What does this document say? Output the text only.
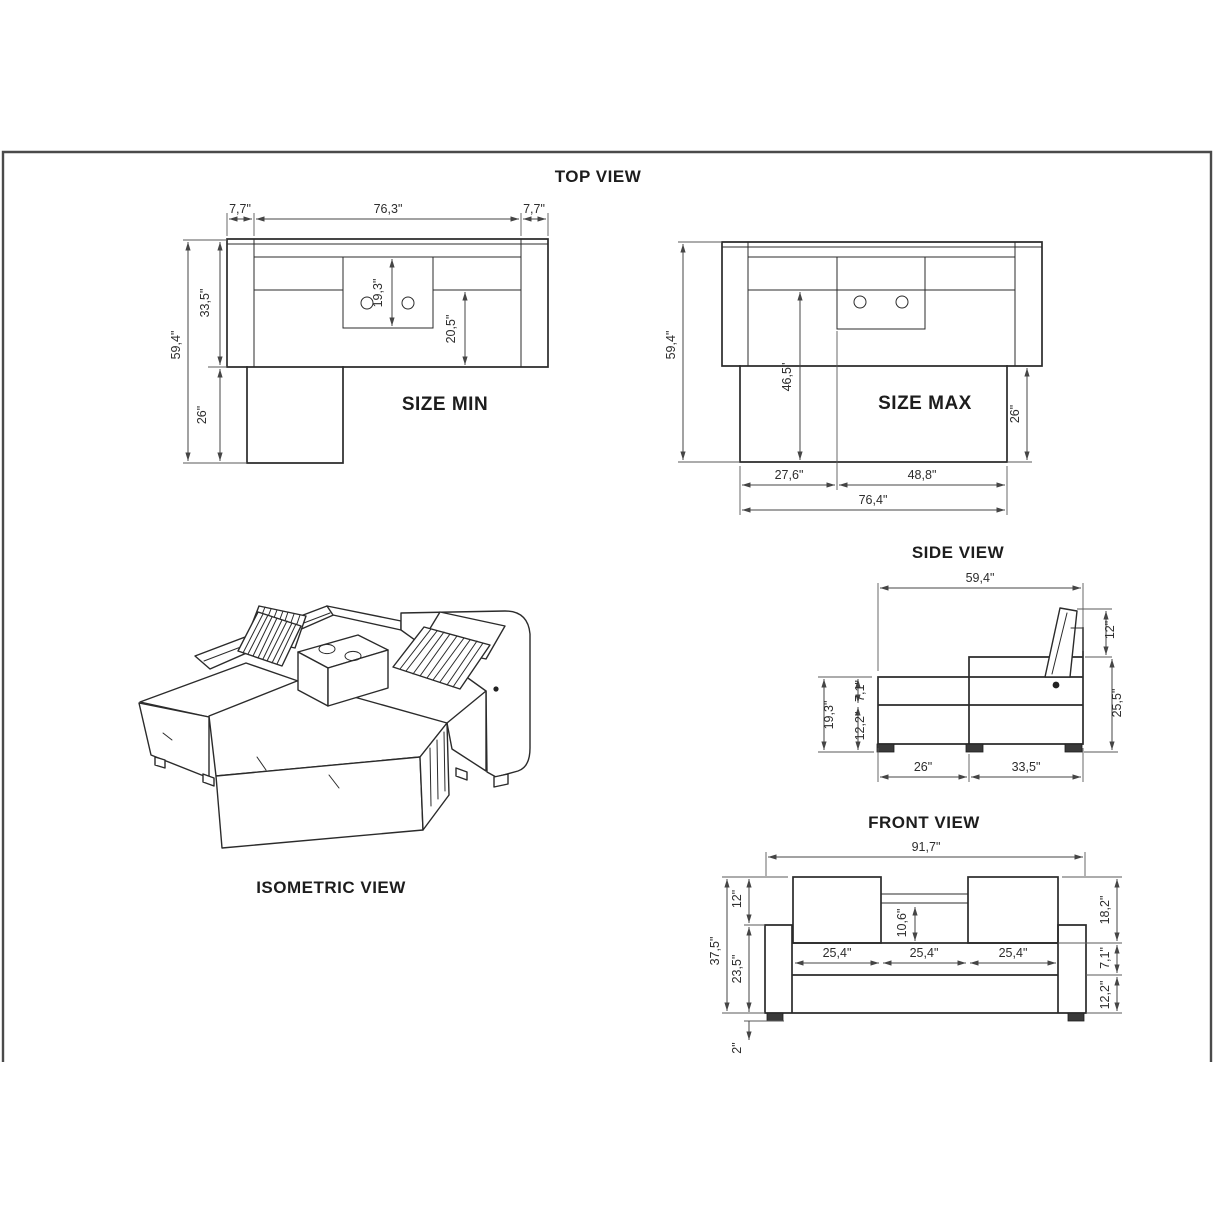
TOP VIEW
SIDE VIEW
FRONT VIEW
ISOMETRIC VIEW
7,7"	76,3"	7,7"
59,4"
33,5"
26"
19,3"
20,5"
SIZE MIN
59,4"
46,5"
26"
27,6"	48,8"
76,4"
SIZE MAX
59,4"
12"
25,5"
19,3"
7,1"
12,2"
26"	33,5"
91,7"
37,5"
12"
23,5"
2"
10,6"
25,4"	25,4"	25,4"
18,2"
7,1"
12,2"
